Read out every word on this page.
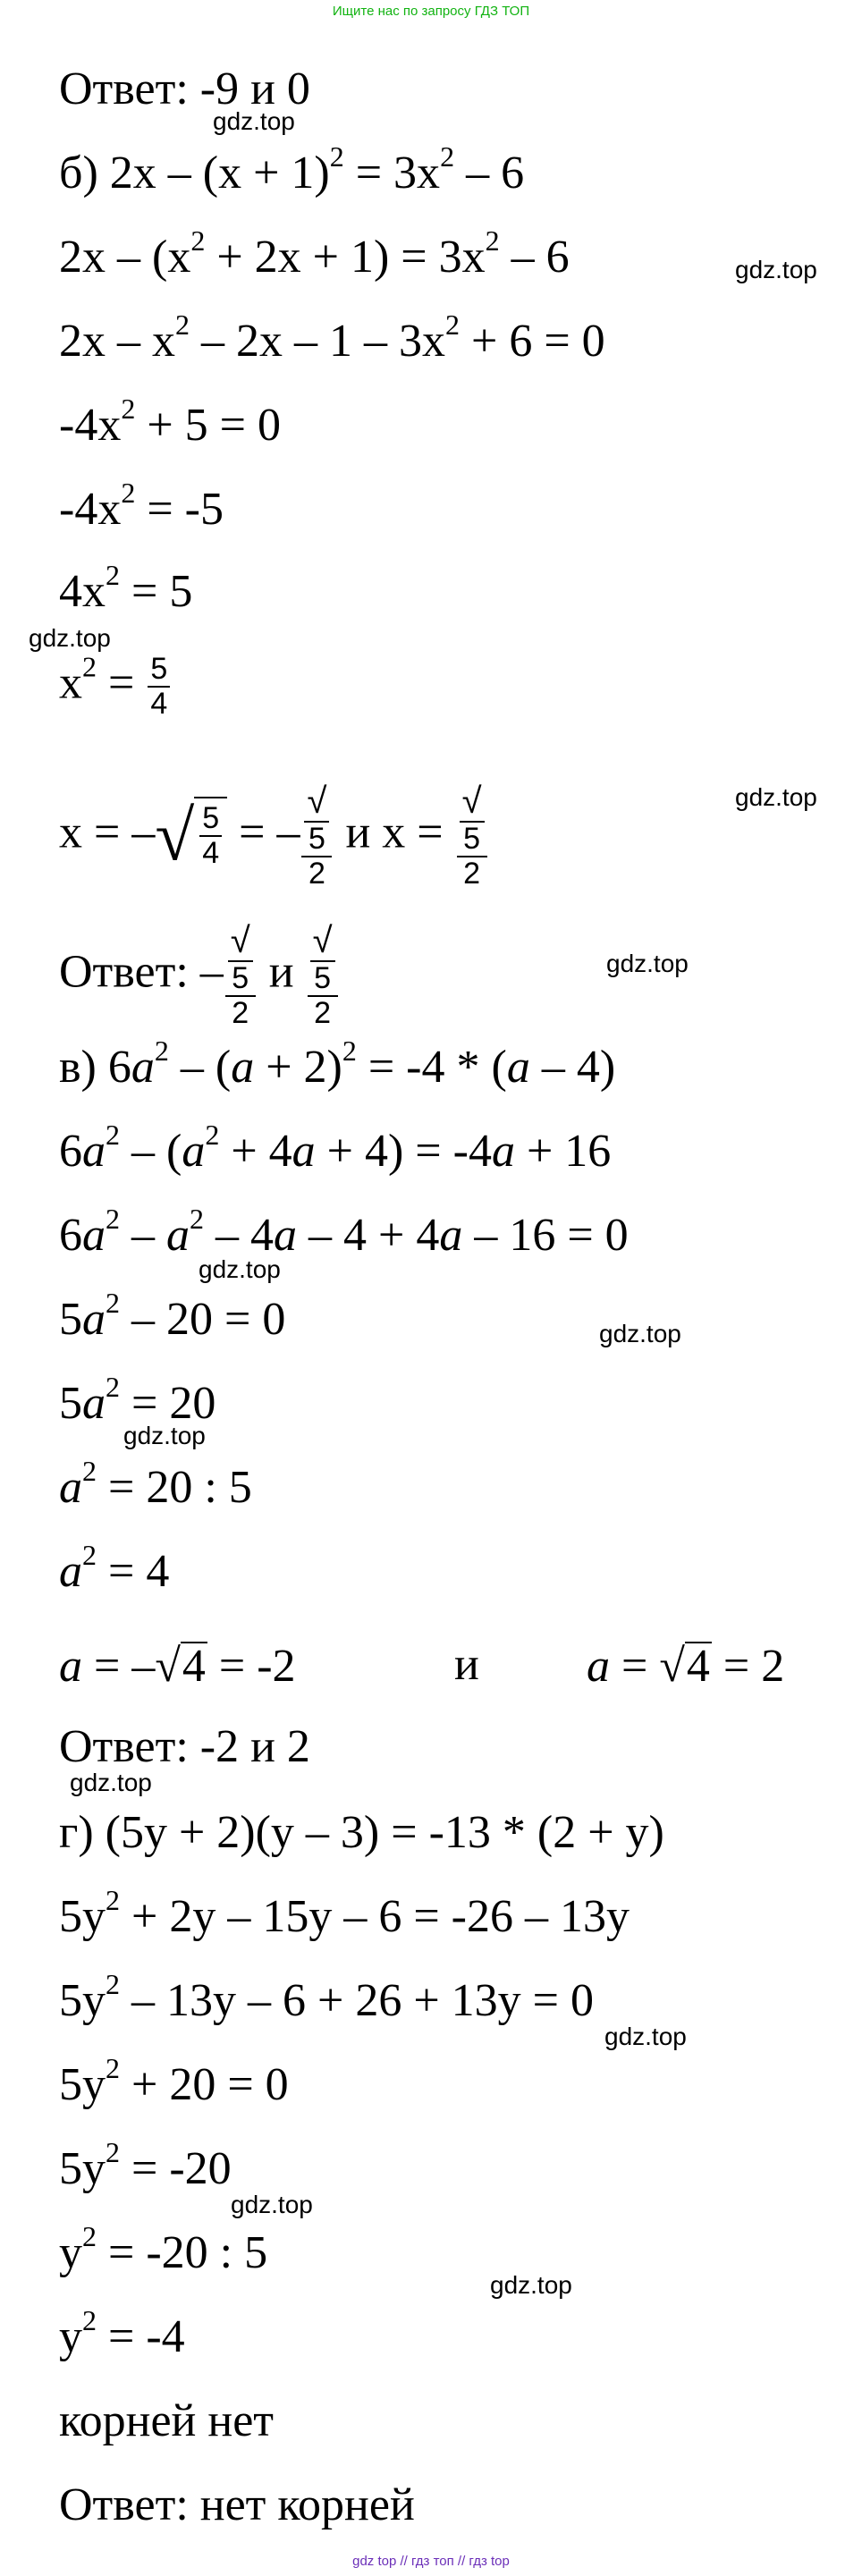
Ищите нас по запросу ГДЗ ТОП
Ответ: -9 и 0
gdz.top
б) $2x - (x + 1)^2 = 3x^2 - 6$
$2x - (x^2 + 2x + 1) = 3x^2 - 6$	gdz.top
$2x - x^2 - 2x - 1 - 3x^2 + 6 = 0$
$-4x^2 + 5 = 0$
$-4x^2 = -5$
$4x^2 = 5$
gdz.top
$x^2 = \frac{5}{4}$
x = –√ $\frac{5}{4}$ = – √
5
2 и x = √
5
2	gdz.top
Ответ: – √
5
2 и √
5
2	gdz.top
в) $6a^2 - (a + 2)^2 = -4 * (a - 4)$
$6a^2 - (a^2 + 4a + 4) = -4a + 16$
$6a^2 - a^2 - 4a - 4 + 4a - 16 = 0$
gdz.top
$5a^2 - 20 = 0$	gdz.top
$5a^2 = 20$
gdz.top
$a^2 = 20$ : 5
$a^2 = 4$
a = –√4 = -2	и a = √4 = 2
Ответ: -2 и 2
gdz.top
г) (5y + 2)(y – 3) = -13 * (2 + y)
$5y^2 + 2y - 15y - 6 = -26 - 13y$
$5y^2 - 13y - 6 + 26 + 13y = 0$
gdz.top
$5y^2 + 20 = 0$
$5y^2 = -20$
gdz.top
$y^2 = -20$ : 5
gdz.top
$y^2 = -4$
корней нет
Ответ: нет корней
gdz top // гдз топ // гдз top
